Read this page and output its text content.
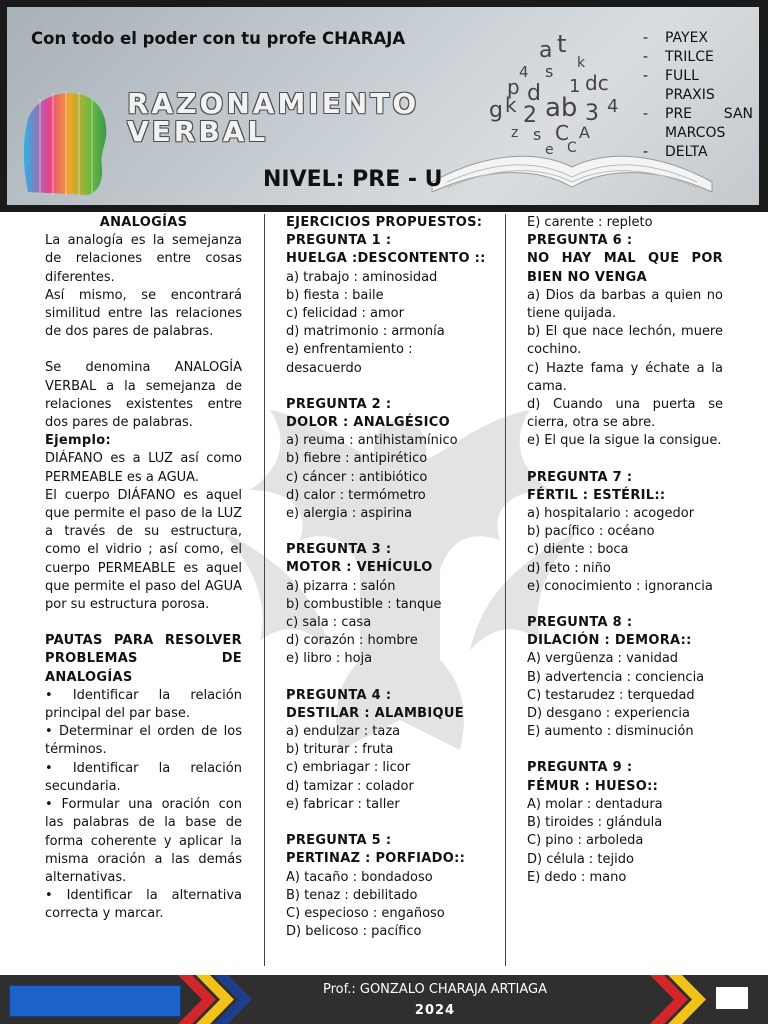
Con todo el poder con tu profe CHARAJA
RAZONAMIENTO
VERBAL
a t
k
4 s
p d 1 dc
g k 2 ab 3 4
z s C A
e C
NIVEL: PRE - U
-	PAYEX
-	TRILCE
-	FULL PRAXIS
-	PRE SAN MARCOS
-	DELTA
ANALOGÍAS

La analogía es la semejanza de relaciones entre cosas diferentes.

Así mismo, se encontrará similitud entre las relaciones de dos pares de palabras.

Se denomina ANALOGÍA VERBAL a la semejanza de relaciones existentes entre dos pares de palabras.

Ejemplo:

DIÁFANO es a LUZ así como PERMEABLE es a AGUA.

El cuerpo DIÁFANO es aquel que permite el paso de la LUZ a través de su estructura, como el vidrio ; así como, el cuerpo PERMEABLE es aquel que permite el paso del AGUA por su estructura porosa.

PAUTAS PARA RESOLVER PROBLEMAS DE ANALOGÍAS

• Identificar la relación principal del par base.

• Determinar el orden de los términos.

• Identificar la relación secundaria.

• Formular una oración con las palabras de la base de forma coherente y aplicar la misma oración a las demás alternativas.

• Identificar la alternativa correcta y marcar.

EJERCICIOS PROPUESTOS:
PREGUNTA 1 :
HUELGA :DESCONTENTO ::
a) trabajo : aminosidad
b) fiesta : baile
c) felicidad : amor
d) matrimonio : armonía
e) enfrentamiento : desacuerdo
PREGUNTA 2 :
DOLOR : ANALGÉSICO
a) reuma : antihistamínico
b) fiebre : antipirético
c) cáncer : antibiótico
d) calor : termómetro
e) alergia : aspirina
PREGUNTA 3 :
MOTOR : VEHÍCULO
a) pizarra : salón
b) combustible : tanque
c) sala : casa
d) corazón : hombre
e) libro : hoja
PREGUNTA 4 :
DESTILAR : ALAMBIQUE
a) endulzar : taza
b) triturar : fruta
c) embriagar : licor
d) tamizar : colador
e) fabricar : taller
PREGUNTA 5 :
PERTINAZ : PORFIADO::
A) tacaño : bondadoso
B) tenaz : debilitado
C) especioso : engañoso
D) belicoso : pacífico
E) carente : repleto
PREGUNTA 6 :
NO HAY MAL QUE POR BIEN NO VENGA
a) Dios da barbas a quien no tiene quijada.
b) El que nace lechón, muere cochino.
c) Hazte fama y échate a la cama.
d) Cuando una puerta se cierra, otra se abre.
e) El que la sigue la consigue.
PREGUNTA 7 :
FÉRTIL : ESTÉRIL::
a) hospitalario : acogedor
b) pacífico : océano
c) diente : boca
d) feto : niño
e) conocimiento : ignorancia
PREGUNTA 8 :
DILACIÓN : DEMORA::
A) vergüenza : vanidad
B) advertencia : conciencia
C) testarudez : terquedad
D) desgano : experiencia
E) aumento : disminución
PREGUNTA 9 :
FÉMUR : HUESO::
A) molar : dentadura
B) tiroides : glándula
C) pino : arboleda
D) célula : tejido
E) dedo : mano
Prof.: GONZALO CHARAJA ARTIAGA
2024
